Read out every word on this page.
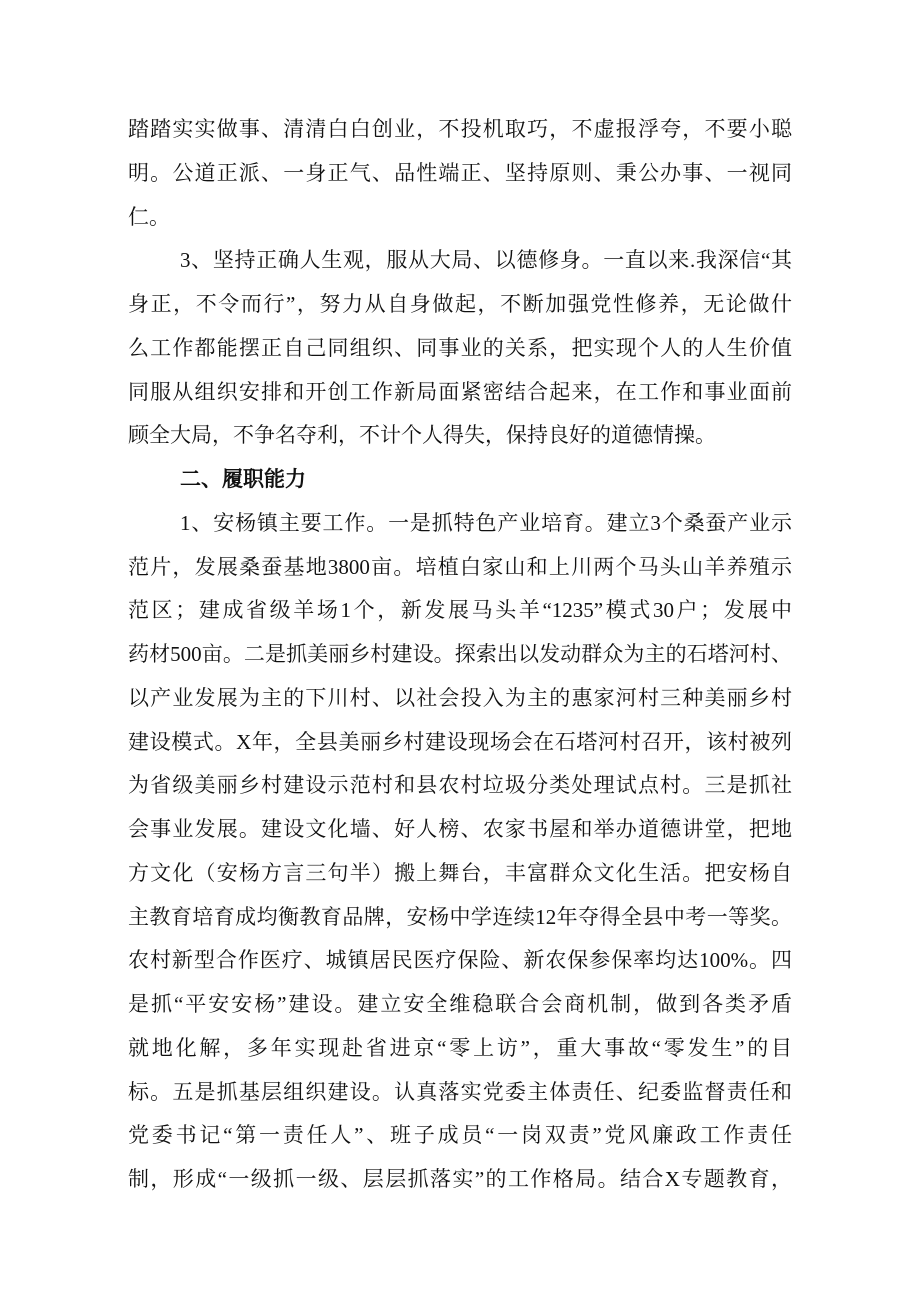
踏踏实实做事、清清白白创业，不投机取巧，不虚报浮夸，不要小聪
明。公道正派、一身正气、品性端正、坚持原则、秉公办事、一视同
仁。
3、坚持正确人生观，服从大局、以德修身。一直以来.我深信“其
身正，不令而行”，努力从自身做起，不断加强党性修养，无论做什
么工作都能摆正自己同组织、同事业的关系，把实现个人的人生价值
同服从组织安排和开创工作新局面紧密结合起来，在工作和事业面前
顾全大局，不争名夺利，不计个人得失，保持良好的道德情操。
二、履职能力
1、安杨镇主要工作。一是抓特色产业培育。建立3个桑蚕产业示
范片，发展桑蚕基地3800亩。培植白家山和上川两个马头山羊养殖示
范区；建成省级羊场1个，新发展马头羊“1235”模式30户；发展中
药材500亩。二是抓美丽乡村建设。探索出以发动群众为主的石塔河村、
以产业发展为主的下川村、以社会投入为主的惠家河村三种美丽乡村
建设模式。X年，全县美丽乡村建设现场会在石塔河村召开，该村被列
为省级美丽乡村建设示范村和县农村垃圾分类处理试点村。三是抓社
会事业发展。建设文化墙、好人榜、农家书屋和举办道德讲堂，把地
方文化（安杨方言三句半）搬上舞台，丰富群众文化生活。把安杨自
主教育培育成均衡教育品牌，安杨中学连续12年夺得全县中考一等奖。
农村新型合作医疗、城镇居民医疗保险、新农保参保率均达100%。四
是抓“平安安杨”建设。建立安全维稳联合会商机制，做到各类矛盾
就地化解，多年实现赴省进京“零上访”，重大事故“零发生”的目
标。五是抓基层组织建设。认真落实党委主体责任、纪委监督责任和
党委书记“第一责任人”、班子成员“一岗双责”党风廉政工作责任
制，形成“一级抓一级、层层抓落实”的工作格局。结合X专题教育，
